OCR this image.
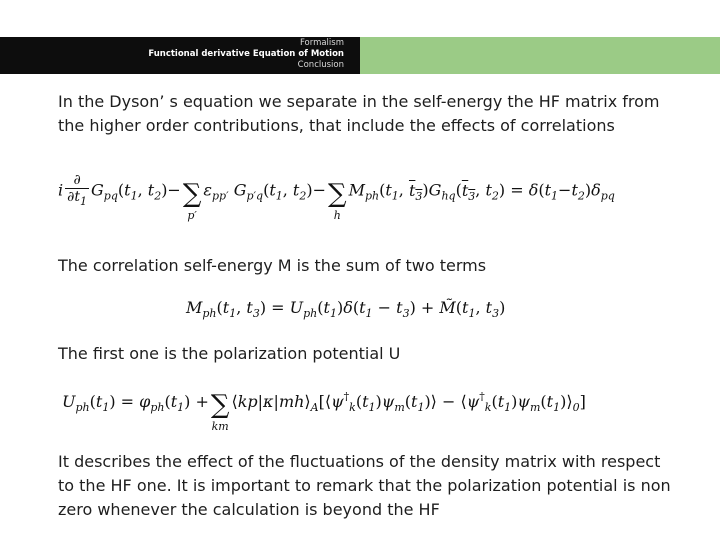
Formalism
Functional derivative Equation of Motion
Conclusion
In the Dyson’ s equation we separate in the self-energy the HF matrix from the higher order contributions, that include the effects of correlations
i $\frac{\partial}{\partial t_1} G_{pq}(t_1$, $t_2)-\sum$
p′
$\varepsilon_{pp'}$ $G_{p'q}(t_1$, $t_2)-\sum$
h
$M_{ph}(t_1$, $t_3)G_{hq}(t_3$, $t_2) = \delta(t_1-t_2)\delta_{pq}$
The correlation self-energy M is the sum of two terms
$M_{ph}(t_1$, $t_3) = U_{ph}(t_1)\delta(t_1 - t_3)$ + $M̃(t_1$, $t_3$)
The first one is the polarization potential U
$U_{ph}(t_1) = \varphi_{ph}(t_1)$ +∑
km
$⟨kp|\kappa|mh⟩_A[⟨\psi^\dagger_k(t_1)\psi_m(t_1)⟩$ − $⟨\psi^\dagger_k(t_1)\psi_m(t_1)⟩_0$]
It describes the effect of the fluctuations of the density matrix with respect to the HF one. It is important to remark that the polarization potential is non zero whenever the calculation is beyond the HF
